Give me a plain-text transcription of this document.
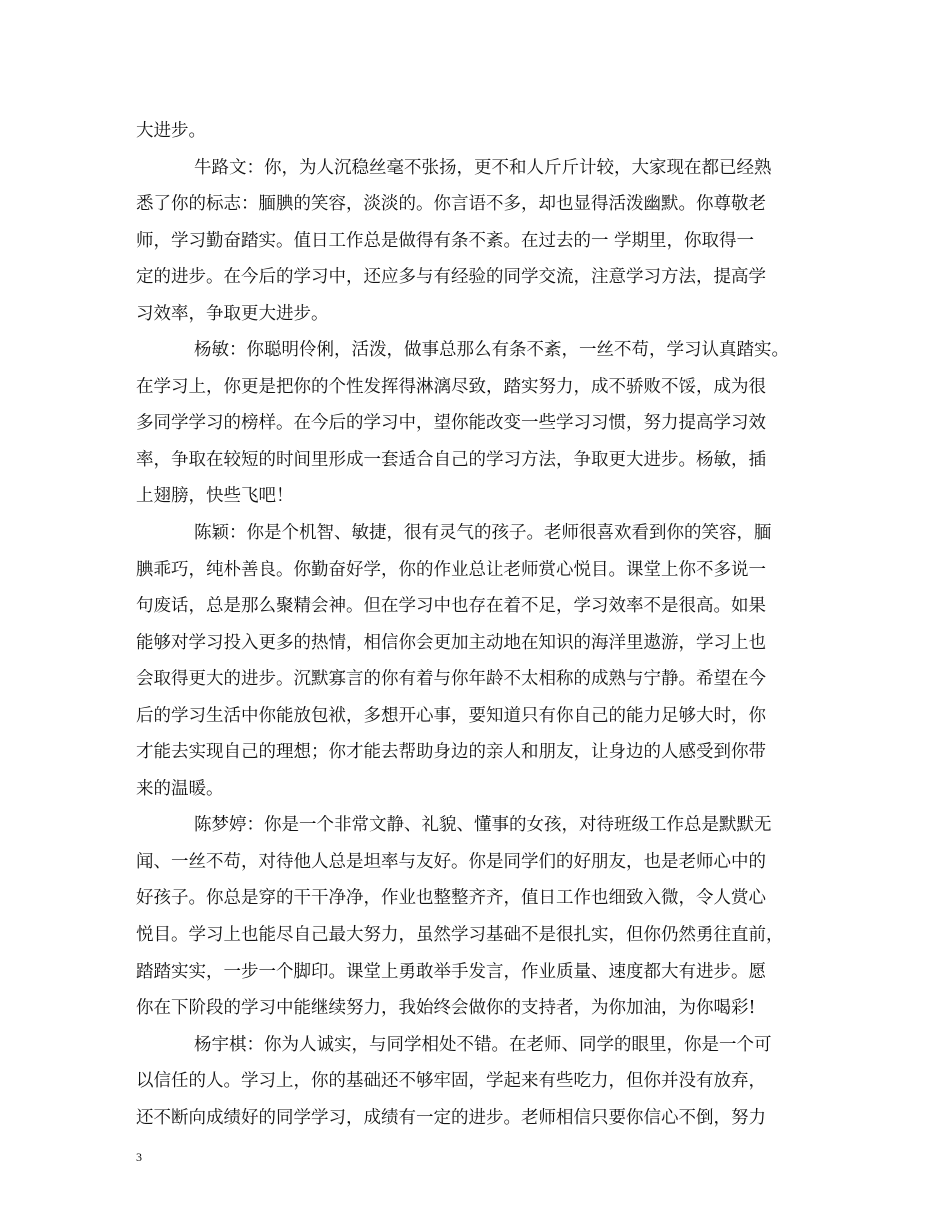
大进步。
牛路文：你，为人沉稳丝毫不张扬，更不和人斤斤计较，大家现在都已经熟
悉了你的标志：腼腆的笑容，淡淡的。你言语不多，却也显得活泼幽默。你尊敬老
师，学习勤奋踏实。值日工作总是做得有条不紊。在过去的一 学期里，你取得一
定的进步。在今后的学习中，还应多与有经验的同学交流，注意学习方法，提高学
习效率，争取更大进步。
杨敏：你聪明伶俐，活泼，做事总那么有条不紊，一丝不苟，学习认真踏实。
在学习上，你更是把你的个性发挥得淋漓尽致，踏实努力，成不骄败不馁，成为很
多同学学习的榜样。在今后的学习中，望你能改变一些学习习惯，努力提高学习效
率，争取在较短的时间里形成一套适合自己的学习方法，争取更大进步。杨敏，插
上翅膀，快些飞吧！
陈颖：你是个机智、敏捷，很有灵气的孩子。老师很喜欢看到你的笑容，腼
腆乖巧，纯朴善良。你勤奋好学，你的作业总让老师赏心悦目。课堂上你不多说一
句废话，总是那么聚精会神。但在学习中也存在着不足，学习效率不是很高。如果
能够对学习投入更多的热情，相信你会更加主动地在知识的海洋里遨游，学习上也
会取得更大的进步。沉默寡言的你有着与你年龄不太相称的成熟与宁静。希望在今
后的学习生活中你能放包袱，多想开心事，要知道只有你自己的能力足够大时，你
才能去实现自己的理想；你才能去帮助身边的亲人和朋友，让身边的人感受到你带
来的温暖。
陈梦婷：你是一个非常文静、礼貌、懂事的女孩，对待班级工作总是默默无
闻、一丝不苟，对待他人总是坦率与友好。你是同学们的好朋友，也是老师心中的
好孩子。你总是穿的干干净净，作业也整整齐齐，值日工作也细致入微，令人赏心
悦目。学习上也能尽自己最大努力，虽然学习基础不是很扎实，但你仍然勇往直前，
踏踏实实，一步一个脚印。课堂上勇敢举手发言，作业质量、速度都大有进步。愿
你在下阶段的学习中能继续努力，我始终会做你的支持者，为你加油，为你喝彩!
杨宇棋：你为人诚实，与同学相处不错。在老师、同学的眼里，你是一个可
以信任的人。学习上，你的基础还不够牢固，学起来有些吃力，但你并没有放弃，
还不断向成绩好的同学学习，成绩有一定的进步。老师相信只要你信心不倒，努力
3
